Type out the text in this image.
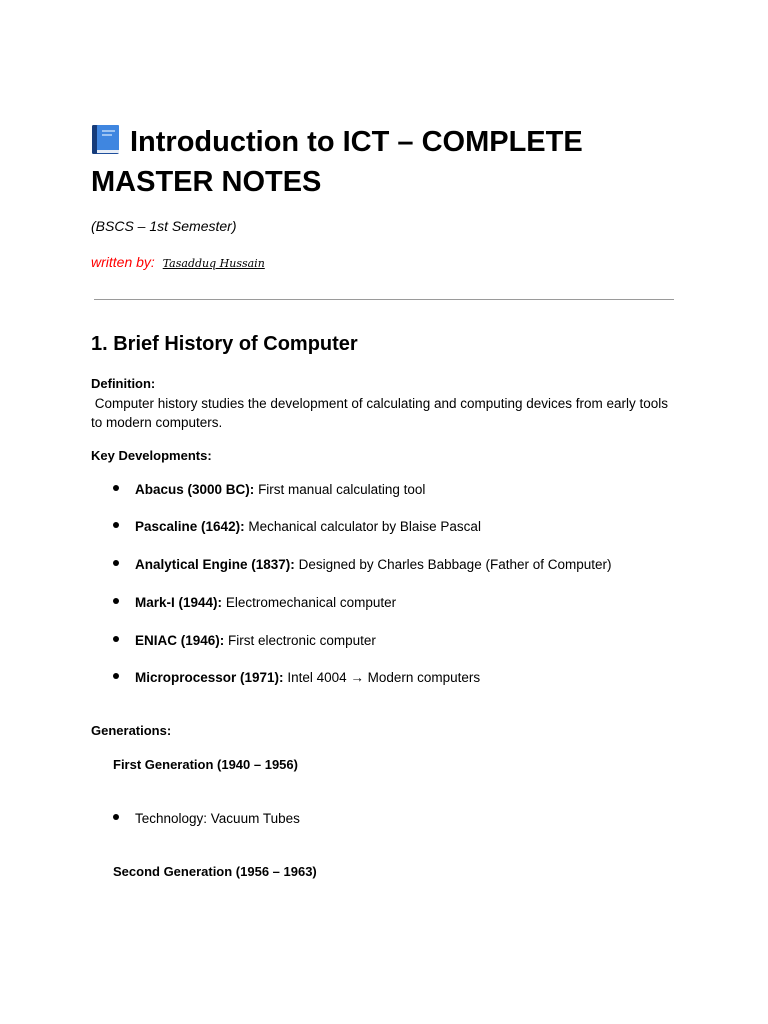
Introduction to ICT – COMPLETE MASTER NOTES
(BSCS – 1st Semester)
written by: Tasadduq Hussain
1. Brief History of Computer
Definition:

Computer history studies the development of calculating and computing devices from early tools to modern computers.

Key Developments:
Abacus (3000 BC): First manual calculating tool
Pascaline (1642): Mechanical calculator by Blaise Pascal
Analytical Engine (1837): Designed by Charles Babbage (Father of Computer)
Mark-I (1944): Electromechanical computer
ENIAC (1946): First electronic computer
Microprocessor (1971): Intel 4004 → Modern computers
Generations:
First Generation (1940 – 1956)
Technology: Vacuum Tubes
Second Generation (1956 – 1963)
